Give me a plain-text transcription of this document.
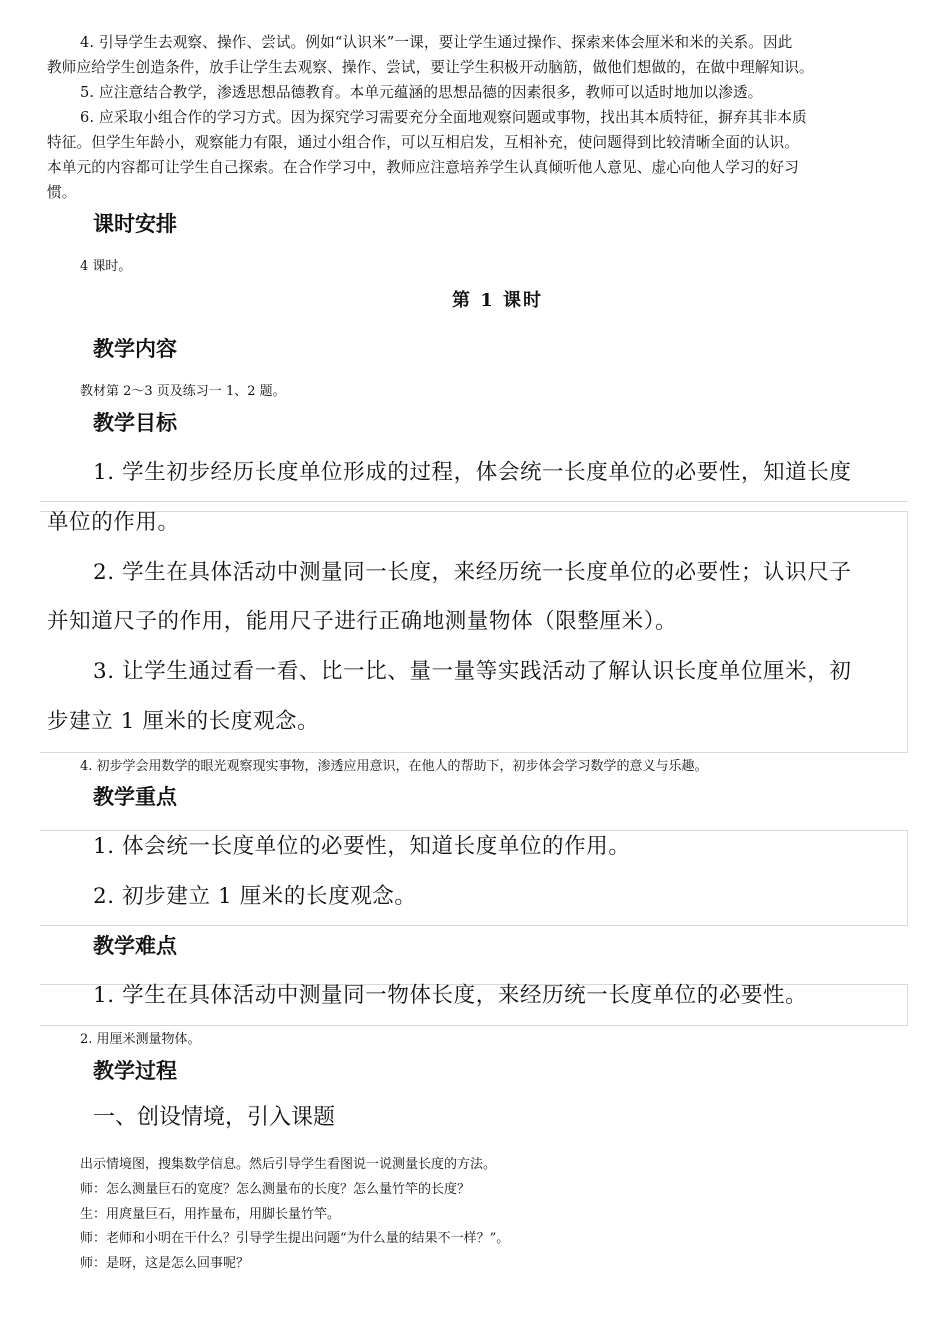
4. 引导学生去观察、操作、尝试。例如“认识米”一课，要让学生通过操作、探索来体会厘米和米的关系。因此
教师应给学生创造条件，放手让学生去观察、操作、尝试，要让学生积极开动脑筋，做他们想做的，在做中理解知识。
5. 应注意结合教学，渗透思想品德教育。本单元蕴涵的思想品德的因素很多，教师可以适时地加以渗透。
6. 应采取小组合作的学习方式。因为探究学习需要充分全面地观察问题或事物，找出其本质特征，摒弃其非本质
特征。但学生年龄小，观察能力有限，通过小组合作，可以互相启发，互相补充，使问题得到比较清晰全面的认识。
本单元的内容都可让学生自己探索。在合作学习中，教师应注意培养学生认真倾听他人意见、虚心向他人学习的好习
惯。
课时安排
4 课时。
第 1 课时
教学内容
教材第 2～3 页及练习一 1、2 题。
教学目标
1. 学生初步经历长度单位形成的过程，体会统一长度单位的必要性，知道长度
单位的作用。
2. 学生在具体活动中测量同一长度，来经历统一长度单位的必要性；认识尺子
并知道尺子的作用，能用尺子进行正确地测量物体（限整厘米）。
3. 让学生通过看一看、比一比、量一量等实践活动了解认识长度单位厘米，初
步建立 1 厘米的长度观念。
4. 初步学会用数学的眼光观察现实事物，渗透应用意识，在他人的帮助下，初步体会学习数学的意义与乐趣。
教学重点
1. 体会统一长度单位的必要性，知道长度单位的作用。
2. 初步建立 1 厘米的长度观念。
教学难点
1. 学生在具体活动中测量同一物体长度，来经历统一长度单位的必要性。
2. 用厘米测量物体。
教学过程
一、创设情境，引入课题
出示情境图，搜集数学信息。然后引导学生看图说一说测量长度的方法。
师：怎么测量巨石的宽度？怎么测量布的长度？怎么量竹竿的长度？
生：用庹量巨石，用拃量布，用脚长量竹竿。
师：老师和小明在干什么？引导学生提出问题“为什么量的结果不一样？”。
师：是呀，这是怎么回事呢？
